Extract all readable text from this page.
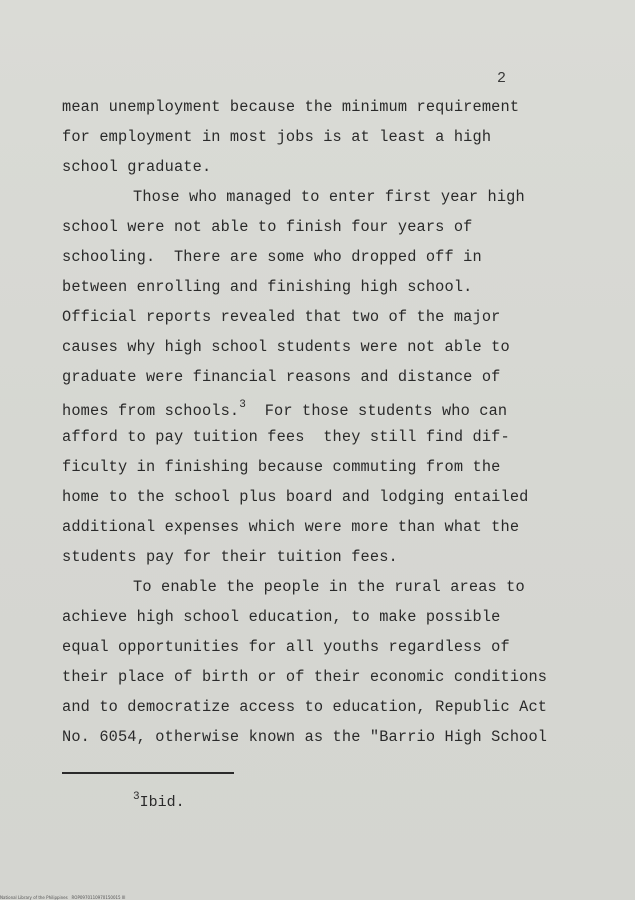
2
mean unemployment because the minimum requirement
for employment in most jobs is at least a high
school graduate.
Those who managed to enter first year high
school were not able to finish four years of
schooling.  There are some who dropped off in
between enrolling and finishing high school.
Official reports revealed that two of the major
causes why high school students were not able to
graduate were financial reasons and distance of
homes from schools.$^3$  For those students who can
afford to pay tuition fees  they still find dif-
ficulty in finishing because commuting from the
home to the school plus board and lodging entailed
additional expenses which were more than what the
students pay for their tuition fees.
To enable the people in the rural areas to
achieve high school education, to make possible
equal opportunities for all youths regardless of
their place of birth or of their economic conditions
and to democratize access to education, Republic Act
No. 6054, otherwise known as the "Barrio High School
$^3$Ibid.
National Library of the Philippines   ROP0970110970150015 III
